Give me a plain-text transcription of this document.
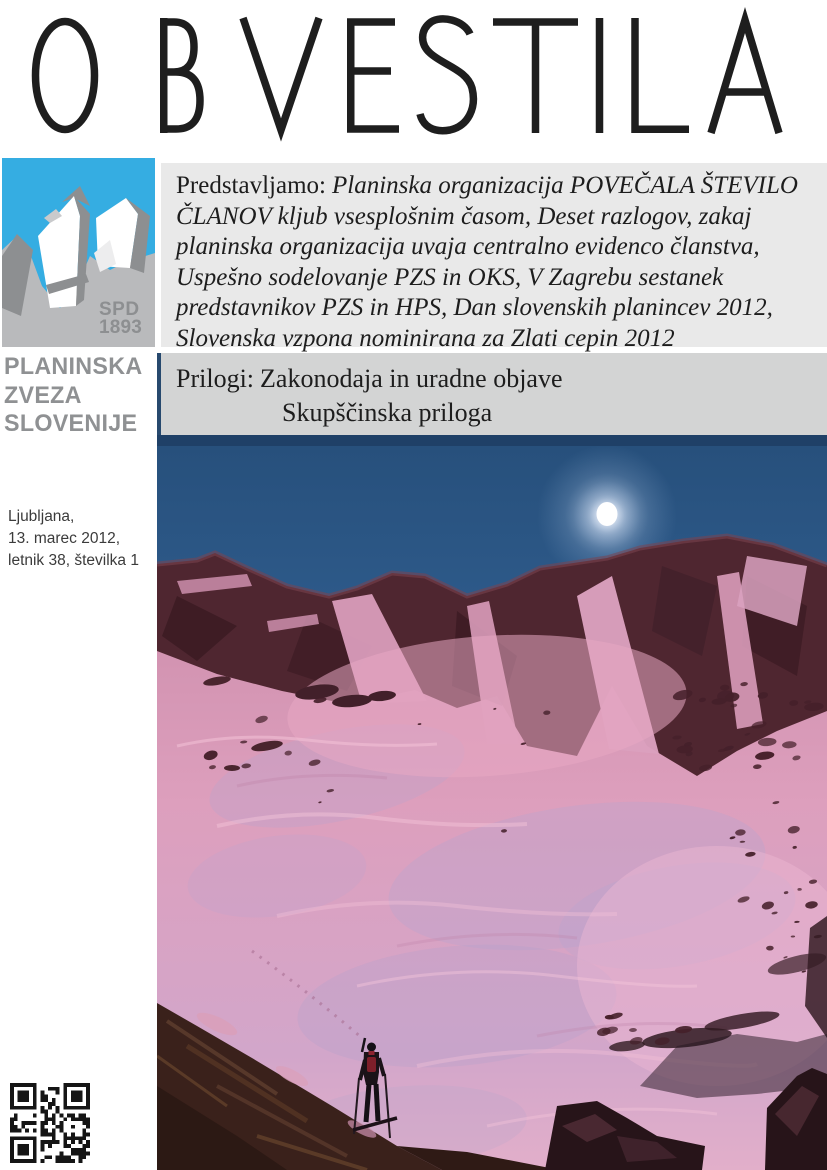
SPD
1893
PLANINSKA
ZVEZA
SLOVENIJE
Ljubljana,
13. marec 2012,
letnik 38, številka 1

Predstavljamo: Planinska organizacija POVEČALA ŠTEVILO ČLANOV kljub vsesplošnim časom, Deset razlogov, zakaj planinska organizacija uvaja centralno evidenco članstva, Uspešno sodelovanje PZS in OKS, V Zagrebu sestanek predstavnikov PZS in HPS, Dan slovenskih planincev 2012, Slovenska vzpona nominirana za Zlati cepin 2012

Prilogi: Zakonodaja in uradne objave
Skupščinska priloga
